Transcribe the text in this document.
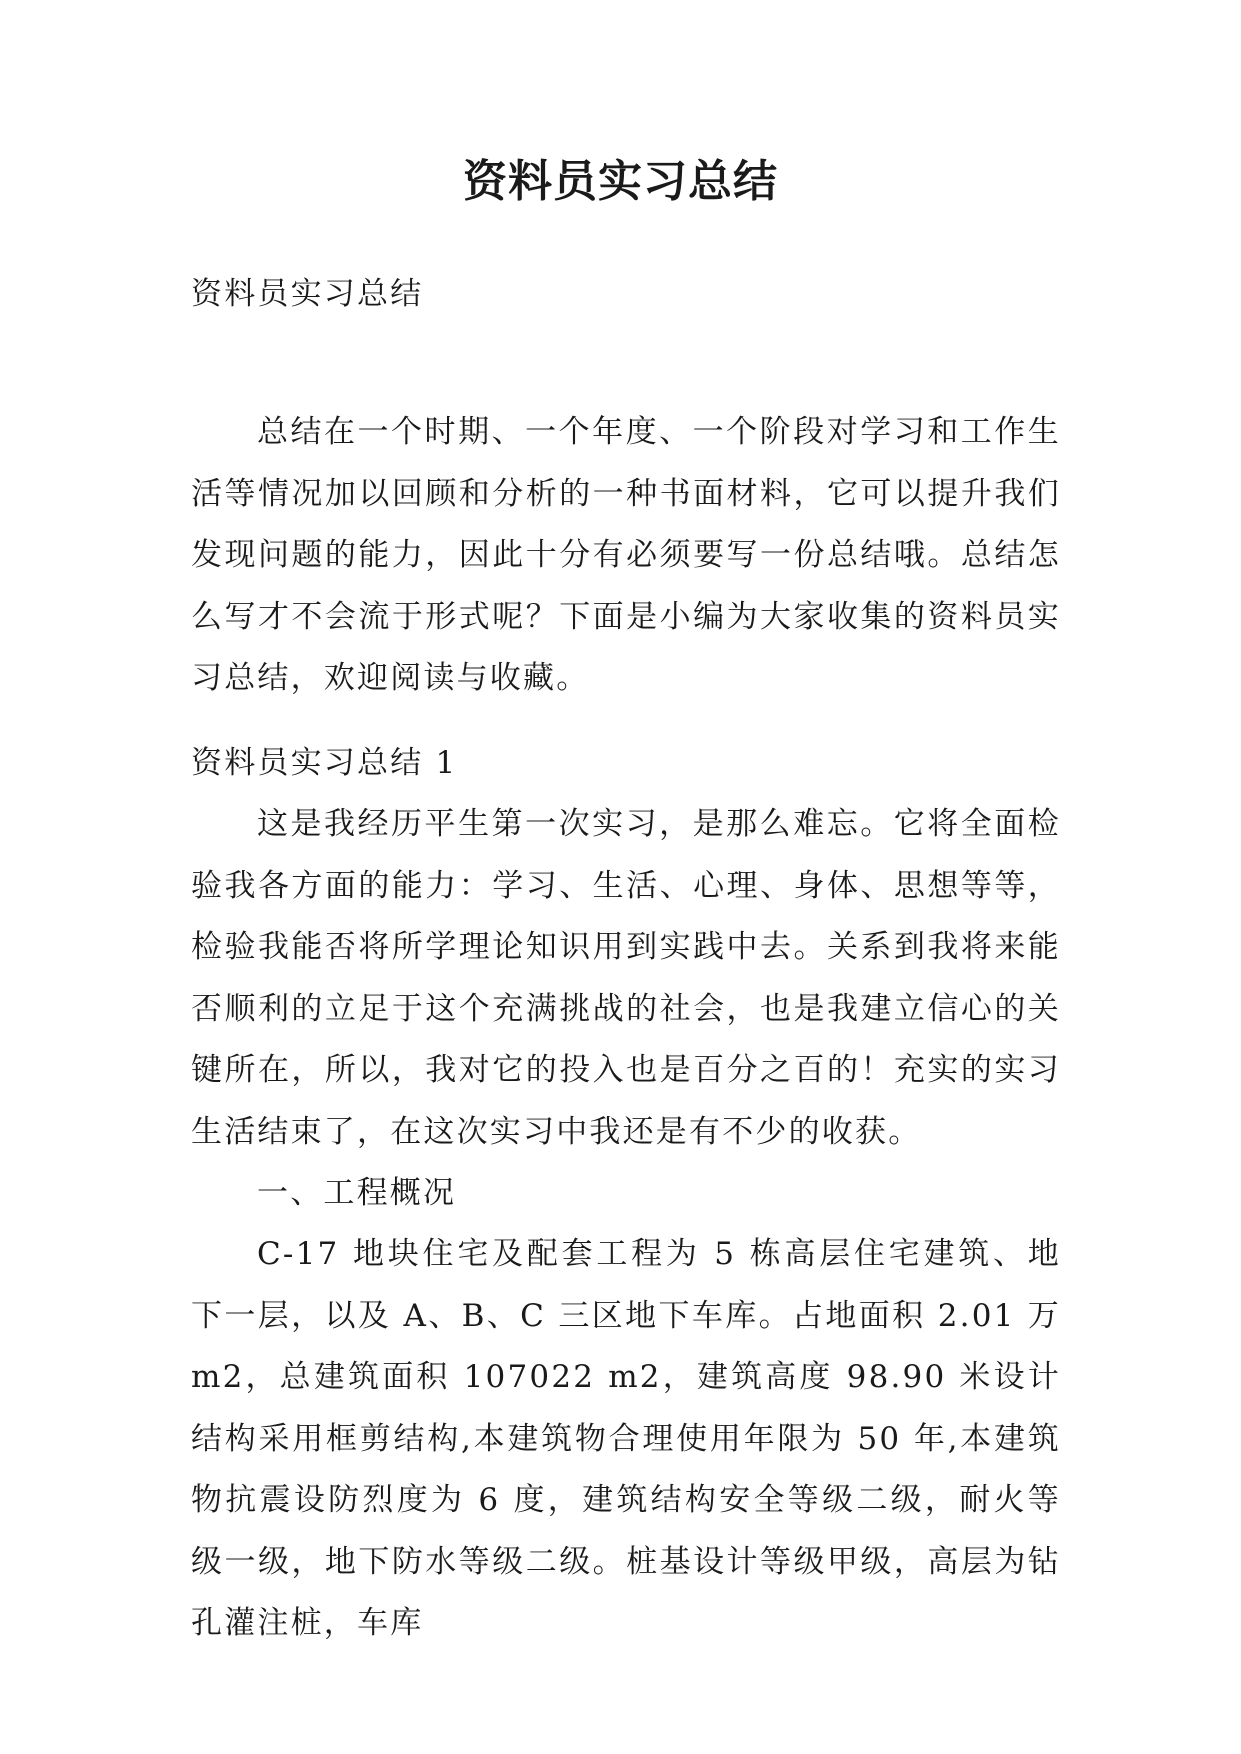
资料员实习总结
资料员实习总结
总结在一个时期、一个年度、一个阶段对学习和工作生活等情况加以回顾和分析的一种书面材料，它可以提升我们发现问题的能力，因此十分有必须要写一份总结哦。总结怎么写才不会流于形式呢？下面是小编为大家收集的资料员实习总结，欢迎阅读与收藏。
资料员实习总结 1
这是我经历平生第一次实习，是那么难忘。它将全面检验我各方面的能力：学习、生活、心理、身体、思想等等，检验我能否将所学理论知识用到实践中去。关系到我将来能否顺利的立足于这个充满挑战的社会，也是我建立信心的关键所在，所以，我对它的投入也是百分之百的！充实的实习生活结束了，在这次实习中我还是有不少的收获。
一、工程概况
C-17 地块住宅及配套工程为 5 栋高层住宅建筑、地下一层，以及 A、B、C 三区地下车库。占地面积 2.01 万 m2，总建筑面积 107022 m2，建筑高度 98.90 米设计结构采用框剪结构,本建筑物合理使用年限为 50 年,本建筑物抗震设防烈度为 6 度，建筑结构安全等级二级，耐火等级一级，地下防水等级二级。桩基设计等级甲级，高层为钻孔灌注桩，车库
